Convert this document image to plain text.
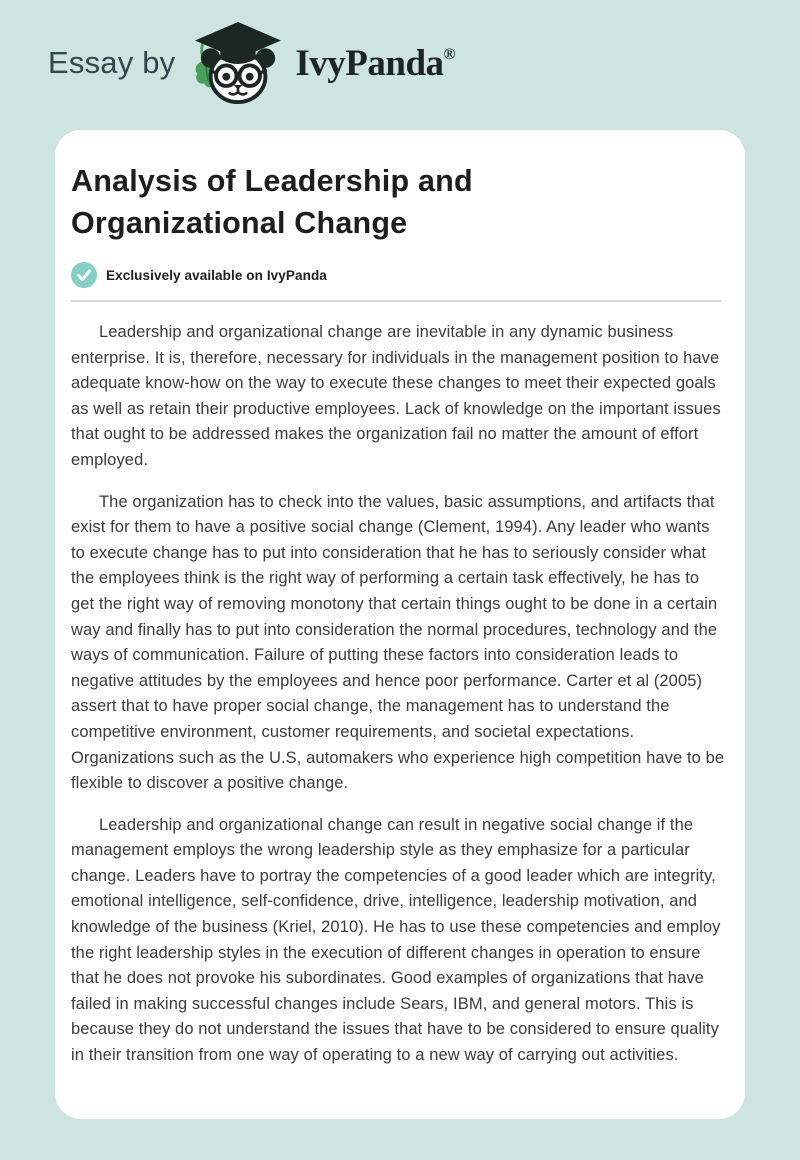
Essay by	IvyPanda®
Analysis of Leadership and Organizational Change
Exclusively available on IvyPanda

Leadership and organizational change are inevitable in any dynamic business enterprise. It is, therefore, necessary for individuals in the management position to have adequate know-how on the way to execute these changes to meet their expected goals as well as retain their productive employees. Lack of knowledge on the important issues that ought to be addressed makes the organization fail no matter the amount of effort employed.

The organization has to check into the values, basic assumptions, and artifacts that exist for them to have a positive social change (Clement, 1994). Any leader who wants to execute change has to put into consideration that he has to seriously consider what the employees think is the right way of performing a certain task effectively, he has to get the right way of removing monotony that certain things ought to be done in a certain way and finally has to put into consideration the normal procedures, technology and the ways of communication. Failure of putting these factors into consideration leads to negative attitudes by the employees and hence poor performance. Carter et al (2005) assert that to have proper social change, the management has to understand the competitive environment, customer requirements, and societal expectations. Organizations such as the U.S, automakers who experience high competition have to be flexible to discover a positive change.

Leadership and organizational change can result in negative social change if the management employs the wrong leadership style as they emphasize for a particular change. Leaders have to portray the competencies of a good leader which are integrity, emotional intelligence, self-confidence, drive, intelligence, leadership motivation, and knowledge of the business (Kriel, 2010). He has to use these competencies and employ the right leadership styles in the execution of different changes in operation to ensure that he does not provoke his subordinates. Good examples of organizations that have failed in making successful changes include Sears, IBM, and general motors. This is because they do not understand the issues that have to be considered to ensure quality in their transition from one way of operating to a new way of carrying out activities.
